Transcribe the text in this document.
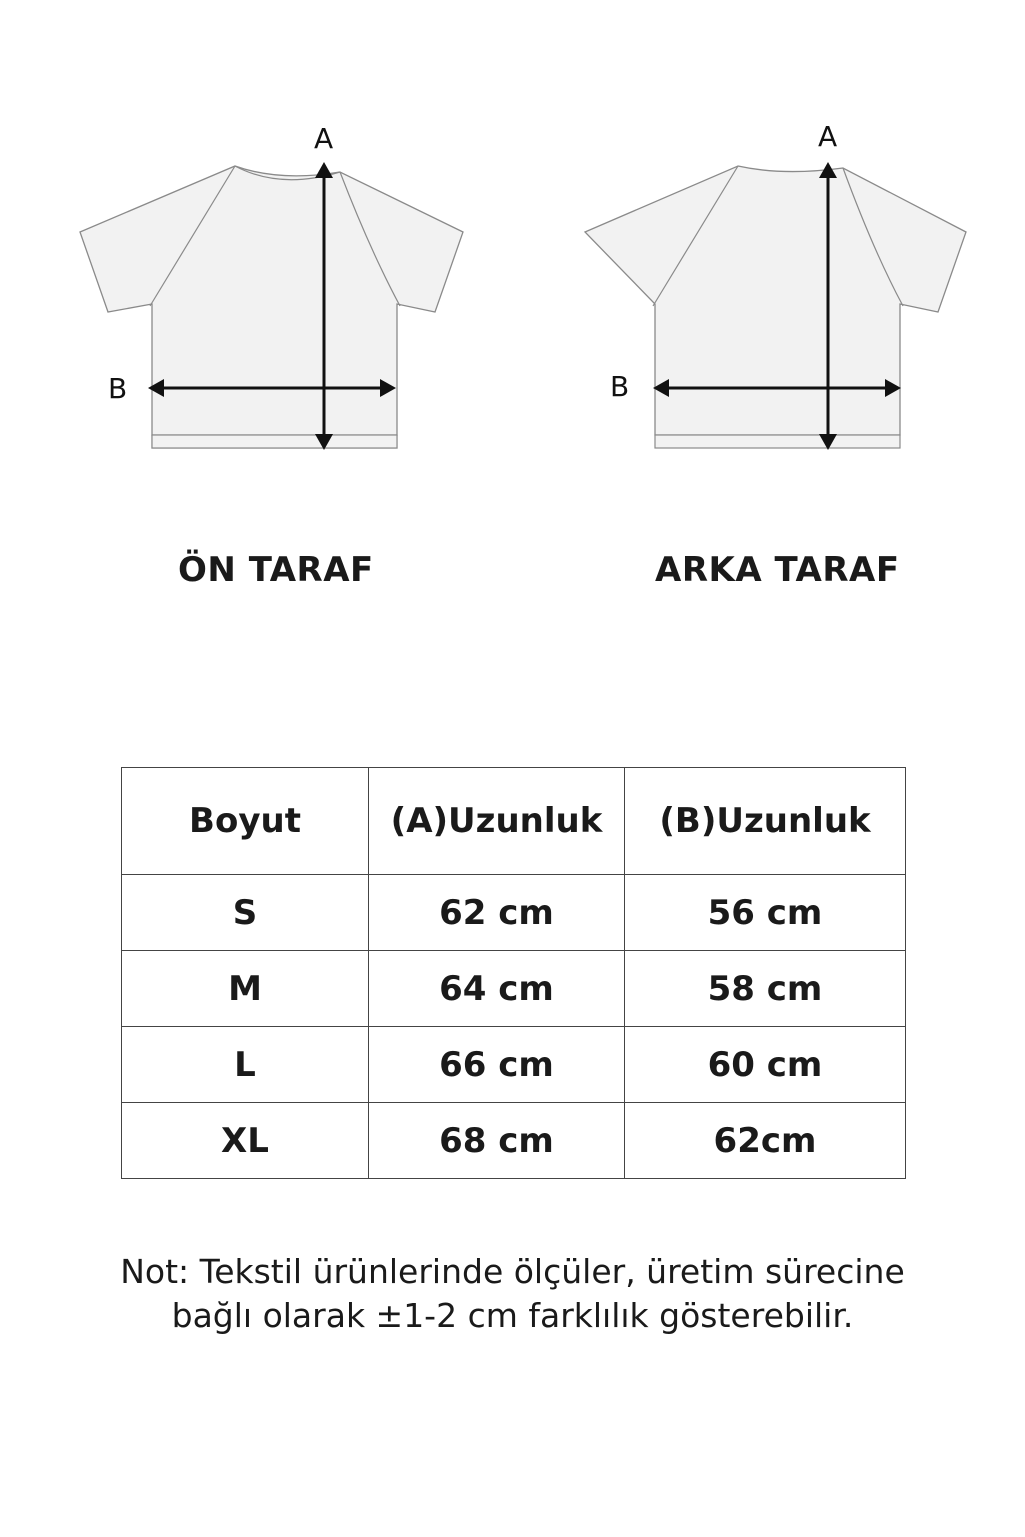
A
B
A
B
ÖN TARAF	ARKA TARAF
Boyut	(A)Uzunluk	(B)Uzunluk
S	62 cm	56 cm
M	64 cm	58 cm
L	66 cm	60 cm
XL	68 cm	62cm
Not: Tekstil ürünlerinde ölçüler, üretim sürecine
bağlı olarak ±1-2 cm farklılık gösterebilir.
